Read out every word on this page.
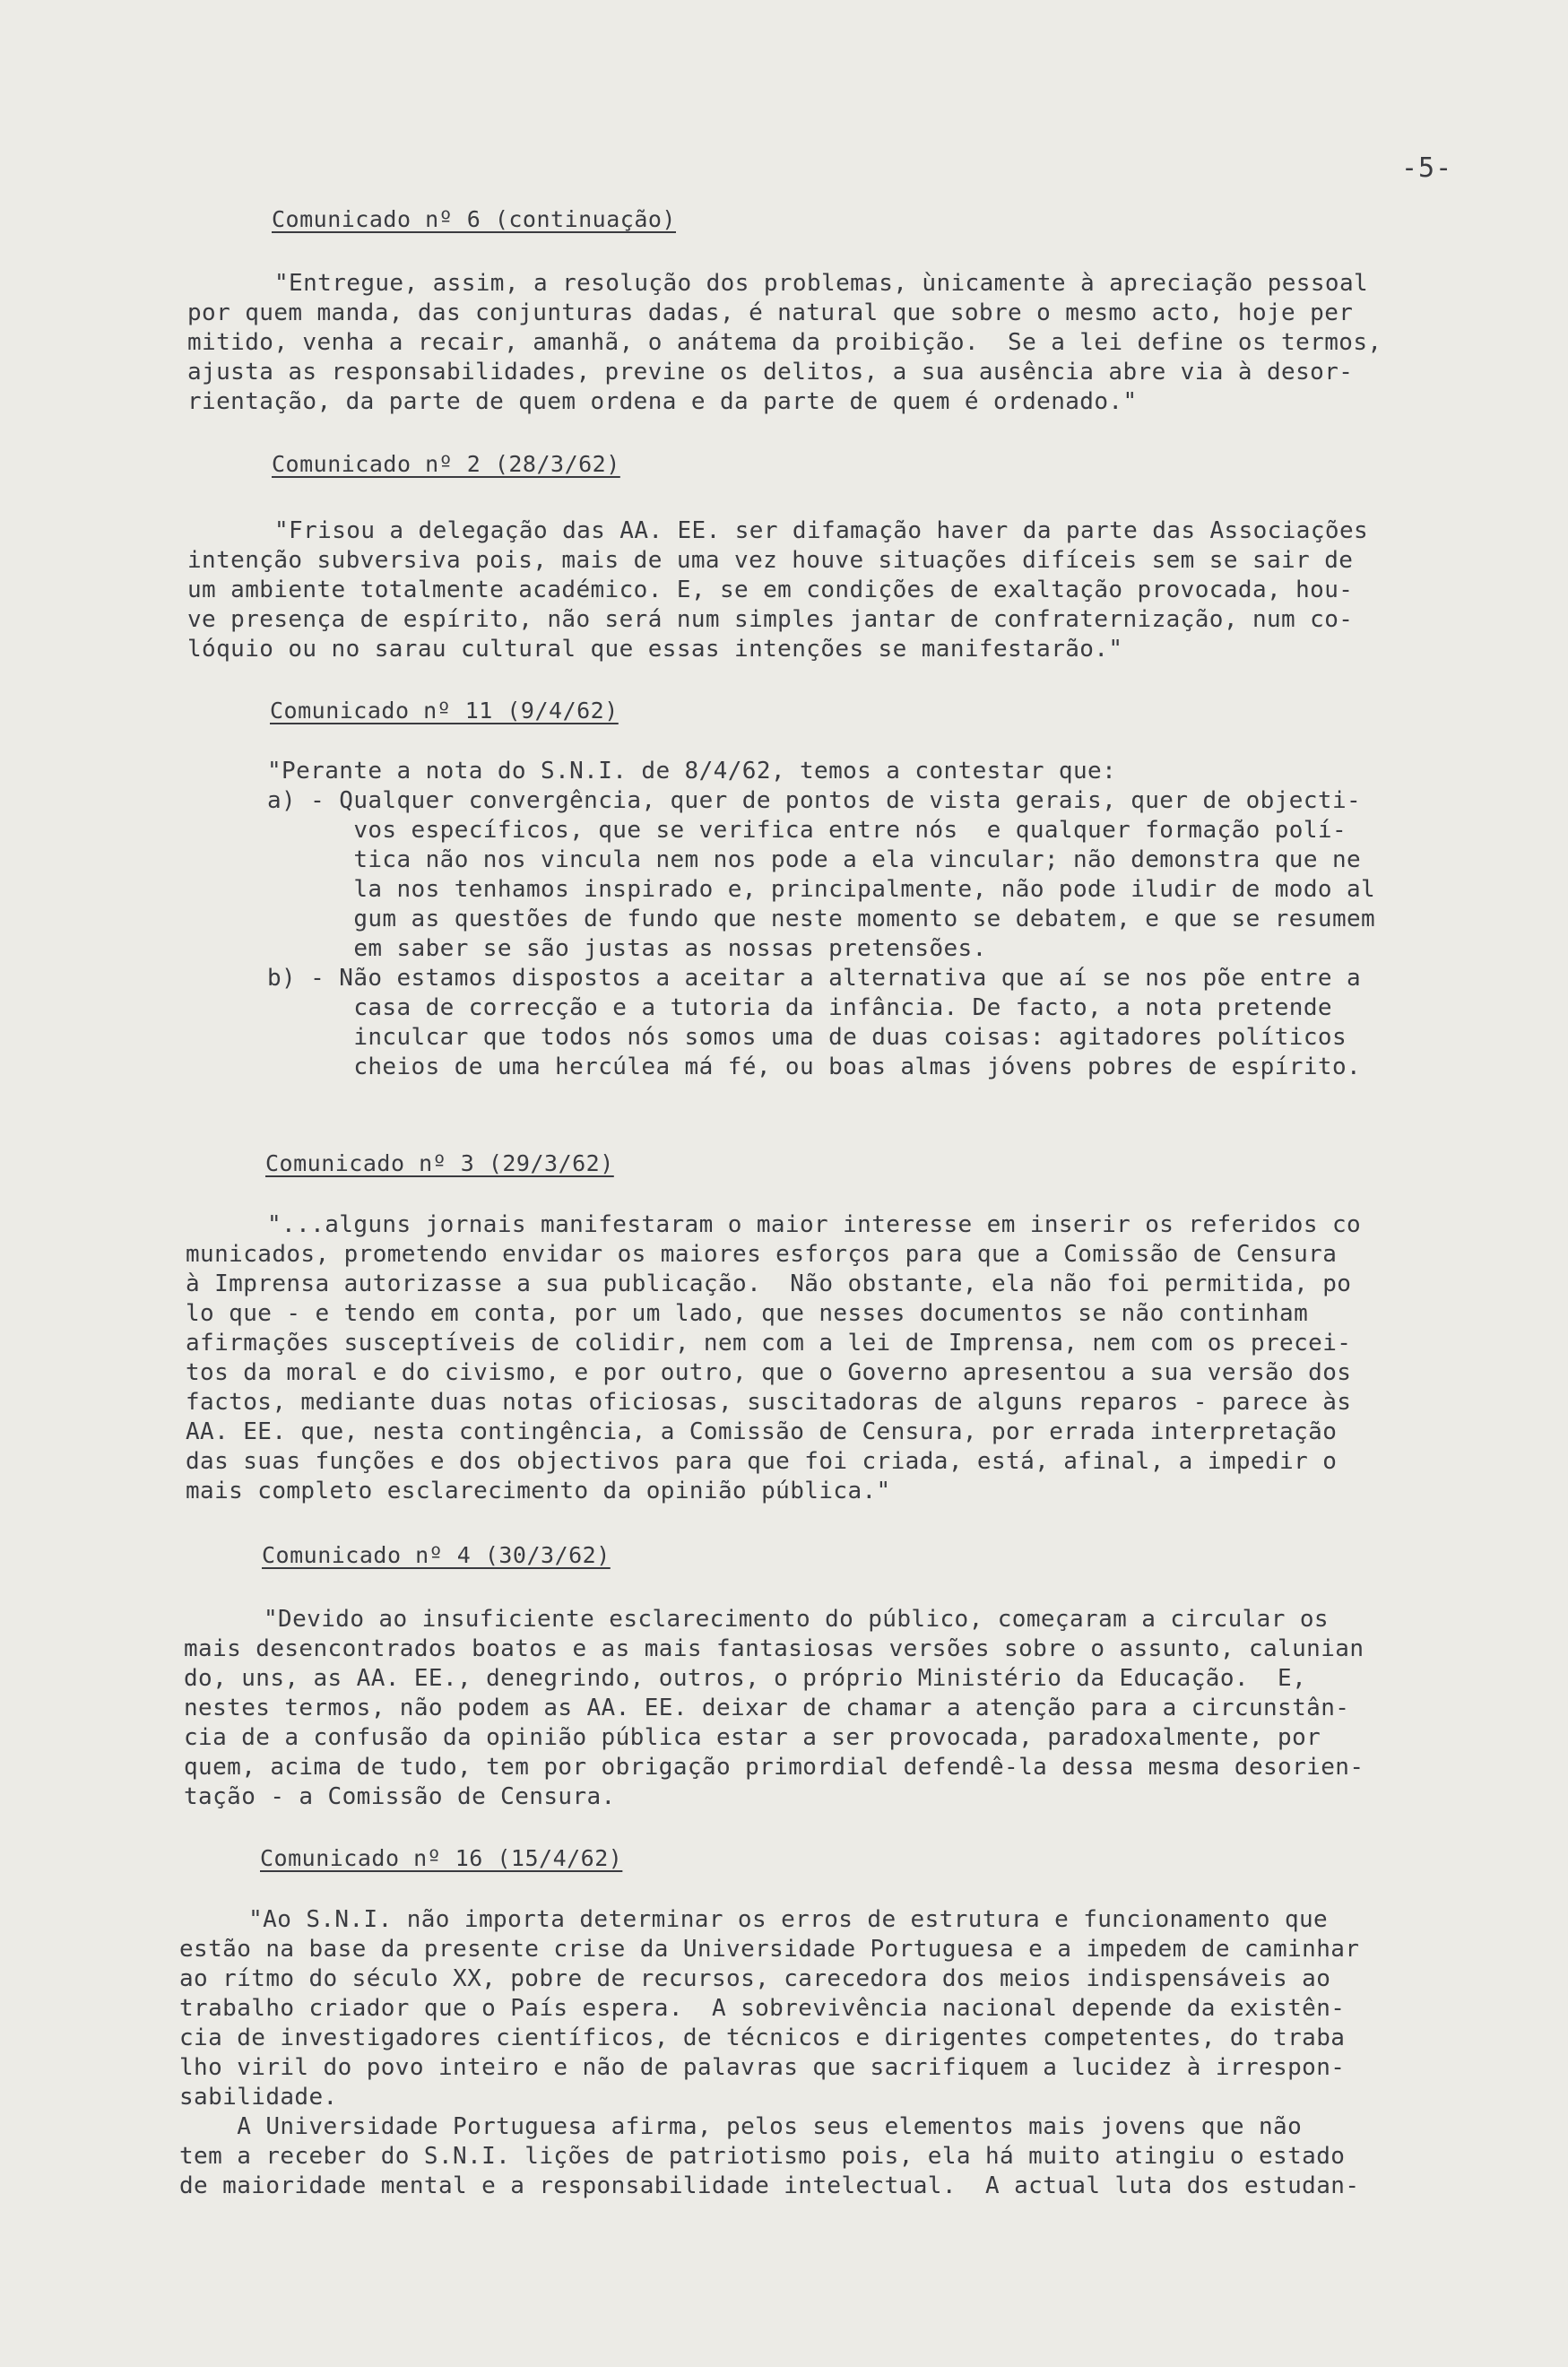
-5-
Comunicado nº 6 (continuação)
"Entregue, assim, a resolução dos problemas, ùnicamente à apreciação pessoal
por quem manda, das conjunturas dadas, é natural que sobre o mesmo acto, hoje per
mitido, venha a recair, amanhã, o anátema da proibição.  Se a lei define os termos,
ajusta as responsabilidades, previne os delitos, a sua ausência abre via à desor-
rientação, da parte de quem ordena e da parte de quem é ordenado."
Comunicado nº 2 (28/3/62)
"Frisou a delegação das AA. EE. ser difamação haver da parte das Associações
intenção subversiva pois, mais de uma vez houve situações difíceis sem se sair de
um ambiente totalmente académico. E, se em condições de exaltação provocada, hou-
ve presença de espírito, não será num simples jantar de confraternização, num co-
lóquio ou no sarau cultural que essas intenções se manifestarão."
Comunicado nº 11 (9/4/62)
"Perante a nota do S.N.I. de 8/4/62, temos a contestar que:
a) - Qualquer convergência, quer de pontos de vista gerais, quer de objecti-
vos específicos, que se verifica entre nós  e qualquer formação polí-
tica não nos vincula nem nos pode a ela vincular; não demonstra que ne
la nos tenhamos inspirado e, principalmente, não pode iludir de modo al
gum as questões de fundo que neste momento se debatem, e que se resumem
em saber se são justas as nossas pretensões.
b) - Não estamos dispostos a aceitar a alternativa que aí se nos põe entre a
casa de correcção e a tutoria da infância. De facto, a nota pretende
inculcar que todos nós somos uma de duas coisas: agitadores políticos
cheios de uma hercúlea má fé, ou boas almas jóvens pobres de espírito.
Comunicado nº 3 (29/3/62)
"...alguns jornais manifestaram o maior interesse em inserir os referidos co
municados, prometendo envidar os maiores esforços para que a Comissão de Censura
à Imprensa autorizasse a sua publicação.  Não obstante, ela não foi permitida, po
lo que - e tendo em conta, por um lado, que nesses documentos se não continham
afirmações susceptíveis de colidir, nem com a lei de Imprensa, nem com os precei-
tos da moral e do civismo, e por outro, que o Governo apresentou a sua versão dos
factos, mediante duas notas oficiosas, suscitadoras de alguns reparos - parece às
AA. EE. que, nesta contingência, a Comissão de Censura, por errada interpretação
das suas funções e dos objectivos para que foi criada, está, afinal, a impedir o
mais completo esclarecimento da opinião pública."
Comunicado nº 4 (30/3/62)
"Devido ao insuficiente esclarecimento do público, começaram a circular os
mais desencontrados boatos e as mais fantasiosas versões sobre o assunto, calunian
do, uns, as AA. EE., denegrindo, outros, o próprio Ministério da Educação.  E,
nestes termos, não podem as AA. EE. deixar de chamar a atenção para a circunstân-
cia de a confusão da opinião pública estar a ser provocada, paradoxalmente, por
quem, acima de tudo, tem por obrigação primordial defendê-la dessa mesma desorien-
tação - a Comissão de Censura.
Comunicado nº 16 (15/4/62)
"Ao S.N.I. não importa determinar os erros de estrutura e funcionamento que
estão na base da presente crise da Universidade Portuguesa e a impedem de caminhar
ao rítmo do século XX, pobre de recursos, carecedora dos meios indispensáveis ao
trabalho criador que o País espera.  A sobrevivência nacional depende da existên-
cia de investigadores científicos, de técnicos e dirigentes competentes, do traba
lho viril do povo inteiro e não de palavras que sacrifiquem a lucidez à irrespon-
sabilidade.
A Universidade Portuguesa afirma, pelos seus elementos mais jovens que não
tem a receber do S.N.I. lições de patriotismo pois, ela há muito atingiu o estado
de maioridade mental e a responsabilidade intelectual.  A actual luta dos estudan-
